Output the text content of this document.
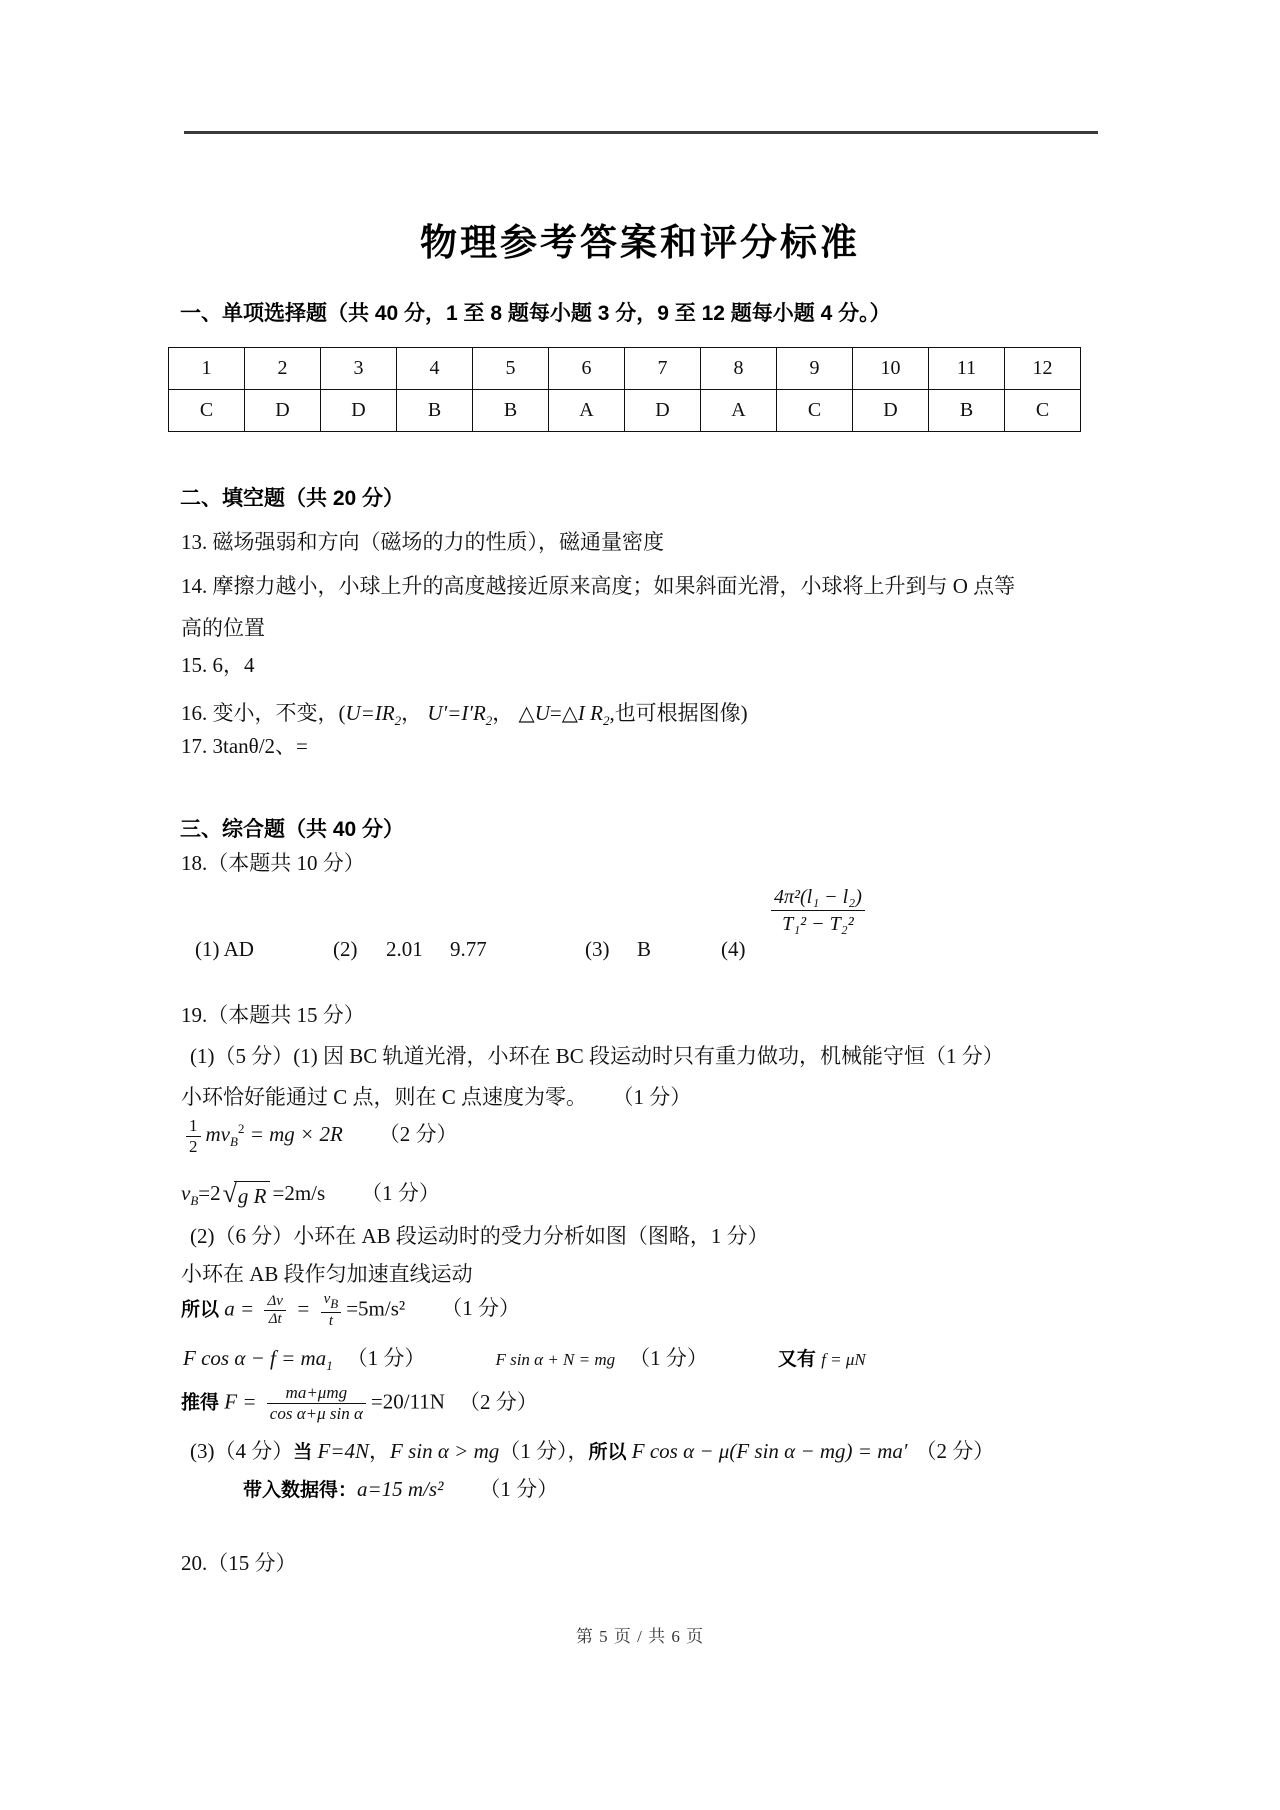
物理参考答案和评分标准
一、单项选择题（共 40 分，1 至 8 题每小题 3 分，9 至 12 题每小题 4 分。）
1	2	3	4	5	6	7	8	9	10	11	12
C	D	D	B	B	A	D	A	C	D	B	C
二、填空题（共 20 分）
13. 磁场强弱和方向（磁场的力的性质），磁通量密度
14. 摩擦力越小，小球上升的高度越接近原来高度；如果斜面光滑，小球将上升到与 O 点等
高的位置
15. 6，4
16. 变小，不变，($U=IR_2$， $U'=I'R_2$， △U=△I $R_2$,也可根据图像)
17. 3tanθ/2、=
三、综合题（共 40 分）
18.（本题共 10 分）
(1) AD	(2) 2.01 9.77	(3) B	(4)
$\frac{\text{4π²(l₁ − l₂)}}{\text{T₁² − T₂²}}$
19.（本题共 15 分）
(1)（5 分）(1) 因 BC 轨道光滑，小环在 BC 段运动时只有重力做功，机械能守恒（1 分）
小环恰好能通过 C 点，则在 C 点速度为零。 （1 分）
$\frac{1}{2} mv_B^2$ = mg × 2R （2 分）
$v_B=2$ √ g R =2m/s （1 分）
(2)（6 分）小环在 AB 段运动时的受力分析如图（图略，1 分）
小环在 AB 段作匀加速直线运动
所以 $a = \frac{\Delta v}{\Delta t} = \frac{vB}{t} =5m/s^2$ （1 分）
F $\cos \alpha - f = ma_1$ （1 分）	F sin α + N = mg （1 分）	又有 f = μN
推得 $F = \frac{\text{ma+μmg}}{\text{cos α+μ sin α}} =20/11N$ （2 分）
(3)（4 分）当 F=4N，F sin α > mg（1 分），所以 F cos α − μ(F sin α − mg) = ma′ （2 分）
带入数据得：a=15 m/s² （1 分）
20.（15 分）
第 5 页 / 共 6 页
